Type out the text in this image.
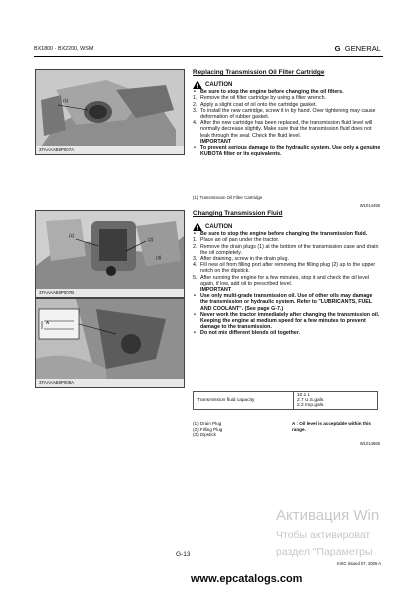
BX1800 · BX2200, WSM	G GENERAL
(1)
3TAAAAB8P007A
Replacing Transmission Oil Filter Cartridge
CAUTION
• Be sure to stop the engine before changing the oil filters.
1. Remove the oil filter cartridge by using a filter wrench.
2. Apply a slight coat of oil onto the cartridge gasket.
3. To install the new cartridge, screw it in by hand. Over tightening may cause deformation of rubber gasket.
4. After the new cartridge has been replaced, the transmission fluid level will normally decrease slightly. Make sure that the transmission fluid does not leak through the seal. Check the fluid level.
IMPORTANT
• To prevent serious damage to the hydraulic system. Use only a genuine KUBOTA filter or its equivalents.
(1) Transmission Oil Filter Cartridge
W1014458
(1)
(2)
(3)
3TAAAAB8P007B
A
3TAAAAB8P008A
Changing Transmission Fluid
CAUTION
• Be sure to stop the engine before changing the transmission fluid.
1. Place an oil pan under the tractor.
2. Remove the drain plugs (1) at the bottom of the transmission case and drain the oil completely.
3. After draining, screw in the drain plug.
4. Fill new oil from filling port after removing the filling plug (2) up to the upper notch on the dipstick.
5. After running the engine for a few minutes, stop it and check the oil level again, if low, add oil to prescribed level.
IMPORTANT
• Use only multi-grade transmission oil. Use of other oils may damage the transmission or hydraulic system. Refer to "LUBRICANTS, FUEL AND COOLANT". (See page G-7.)
• Never work the tractor immediately after changing the transmission oil. Keeping the engine at medium speed for a few minutes to prevent damage to the transmission.
• Do not mix different blends oil together.
Transmission fluid capacity	
10.1 L
2.7 U.S.gals.
2.2 Imp.gals.
(1) Drain Plug
(2) Filling Plug
(3) Dipstick
A : Oil level is acceptable within this range.
W1014665
Активация Win
Чтобы активироват
раздел "Параметры
G-13
KiSC issued 07, 2006 A
www.epcatalogs.com
